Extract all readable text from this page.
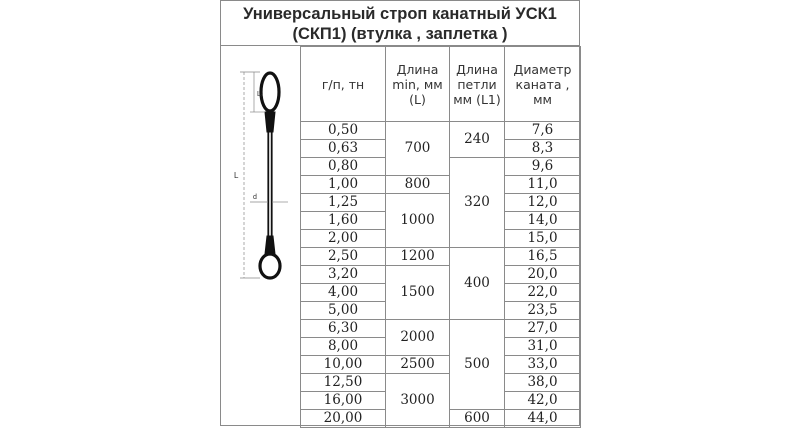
Универсальный строп канатный УСК1
(СКП1) (втулка , заплетка )
L₁
L
d
г/п, тн	Длина min, мм (L)	Длина петли мм (L1)	Диаметр каната , мм
0,50	700	240	7,6
0,63			8,3
0,80		320	9,6
1,00	800		11,0
1,25	1000		12,0
1,60			14,0
2,00			15,0
2,50	1200	400	16,5
3,20	1500		20,0
4,00			22,0
5,00			23,5
6,30	2000	500	27,0
8,00			31,0
10,00	2500		33,0
12,50	3000		38,0
16,00			42,0
20,00		600	44,0
